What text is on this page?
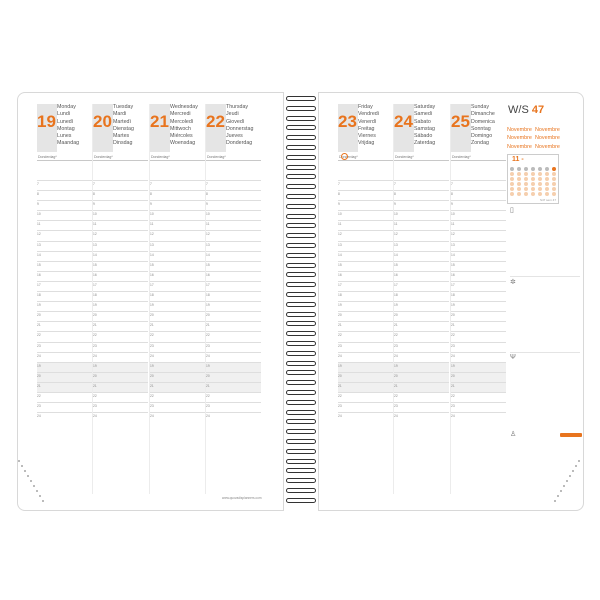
19
Monday
Lundi
Lunedì
Montag
Lunes
Maandag
Donderdag*
7
8
9
10
11
12
13
14
15
16
17
18
19
20
21
22
23
24
19
20
21
22
23
24
20
Tuesday
Mardi
Martedì
Dienstag
Martes
Dinsdag
Donderdag*
7
8
9
10
11
12
13
14
15
16
17
18
19
20
21
22
23
24
19
20
21
22
23
24
21
Wednesday
Mercredi
Mercoledì
Mittwoch
Miércoles
Woensdag
Donderdag*
7
8
9
10
11
12
13
14
15
16
17
18
19
20
21
22
23
24
19
20
21
22
23
24
22
Thursday
Jeudi
Giovedì
Donnerstag
Jueves
Donderdag
Donderdag*
7
8
9
10
11
12
13
14
15
16
17
18
19
20
21
22
23
24
19
20
21
22
23
24
23
Friday
Vendredi
Venerdì
Freitag
Viernes
Vrijdag
Donderdag*
7
8
9
10
11
12
13
14
15
16
17
18
19
20
21
22
23
24
19
20
21
22
23
24
24
Saturday
Samedi
Sabato
Samstag
Sábado
Zaterdag
Donderdag*
7
8
9
10
11
12
13
14
15
16
17
18
19
20
21
22
23
24
19
20
21
22
23
24
25
Sunday
Dimanche
Domenica
Sonntag
Domingo
Zondag
Donderdag*
7
8
9
10
11
12
13
14
15
16
17
18
19
20
21
22
23
24
19
20
21
22
23
24
W/S 47
Novembre Novembre
Novembre Novembre
Novembre Novembre
11 -
S47 sem 47
▯
✲
Ψ
♙
www.quovadisplanners.com
